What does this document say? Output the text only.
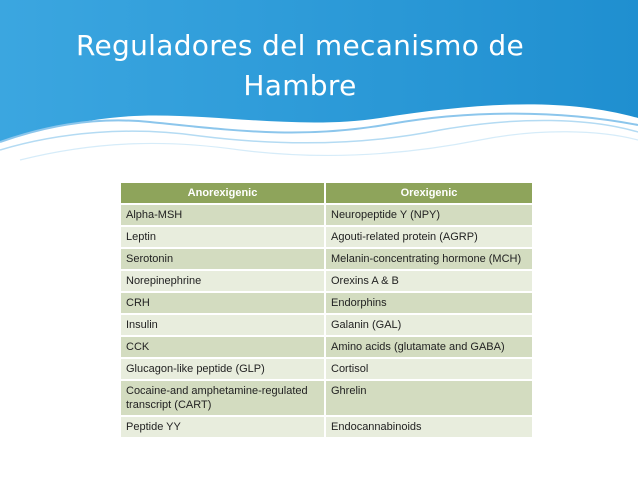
Reguladores del mecanismo de
Hambre
Anorexigenic	Orexigenic
Alpha-MSH	Neuropeptide Y (NPY)
Leptin	Agouti-related protein (AGRP)
Serotonin	Melanin-concentrating hormone (MCH)
Norepinephrine	Orexins A & B
CRH	Endorphins
Insulin	Galanin (GAL)
CCK	Amino acids (glutamate and GABA)
Glucagon-like peptide (GLP)	Cortisol
Cocaine-and amphetamine-regulated transcript (CART)	Ghrelin
Peptide YY	Endocannabinoids
